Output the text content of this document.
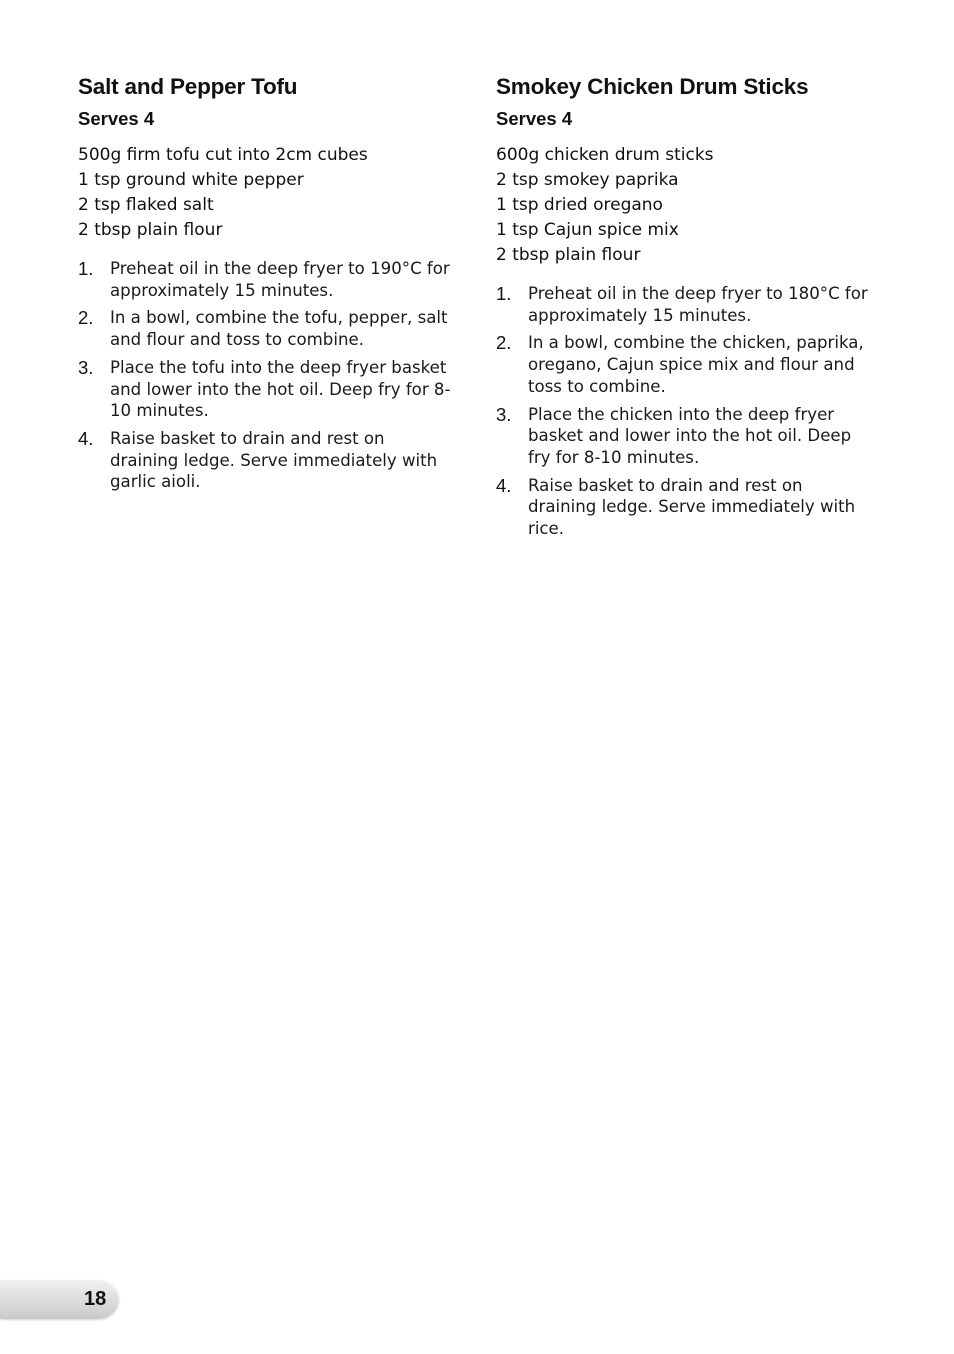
Salt and Pepper Tofu
Serves 4
500g firm tofu cut into 2cm cubes
1 tsp ground white pepper
2 tsp flaked salt
2 tbsp plain flour
1. Preheat oil in the deep fryer to 190°C for approximately 15 minutes.
2. In a bowl, combine the tofu, pepper, salt and flour and toss to combine.
3. Place the tofu into the deep fryer basket and lower into the hot oil. Deep fry for 8-10 minutes.
4. Raise basket to drain and rest on draining ledge. Serve immediately with garlic aioli.
Smokey Chicken Drum Sticks
Serves 4
600g chicken drum sticks
2 tsp smokey paprika
1 tsp dried oregano
1 tsp Cajun spice mix
2 tbsp plain flour
1. Preheat oil in the deep fryer to 180°C for approximately 15 minutes.
2. In a bowl, combine the chicken, paprika, oregano, Cajun spice mix and flour and toss to combine.
3. Place the chicken into the deep fryer basket and lower into the hot oil. Deep fry for 8-10 minutes.
4. Raise basket to drain and rest on draining ledge. Serve immediately with rice.
18
